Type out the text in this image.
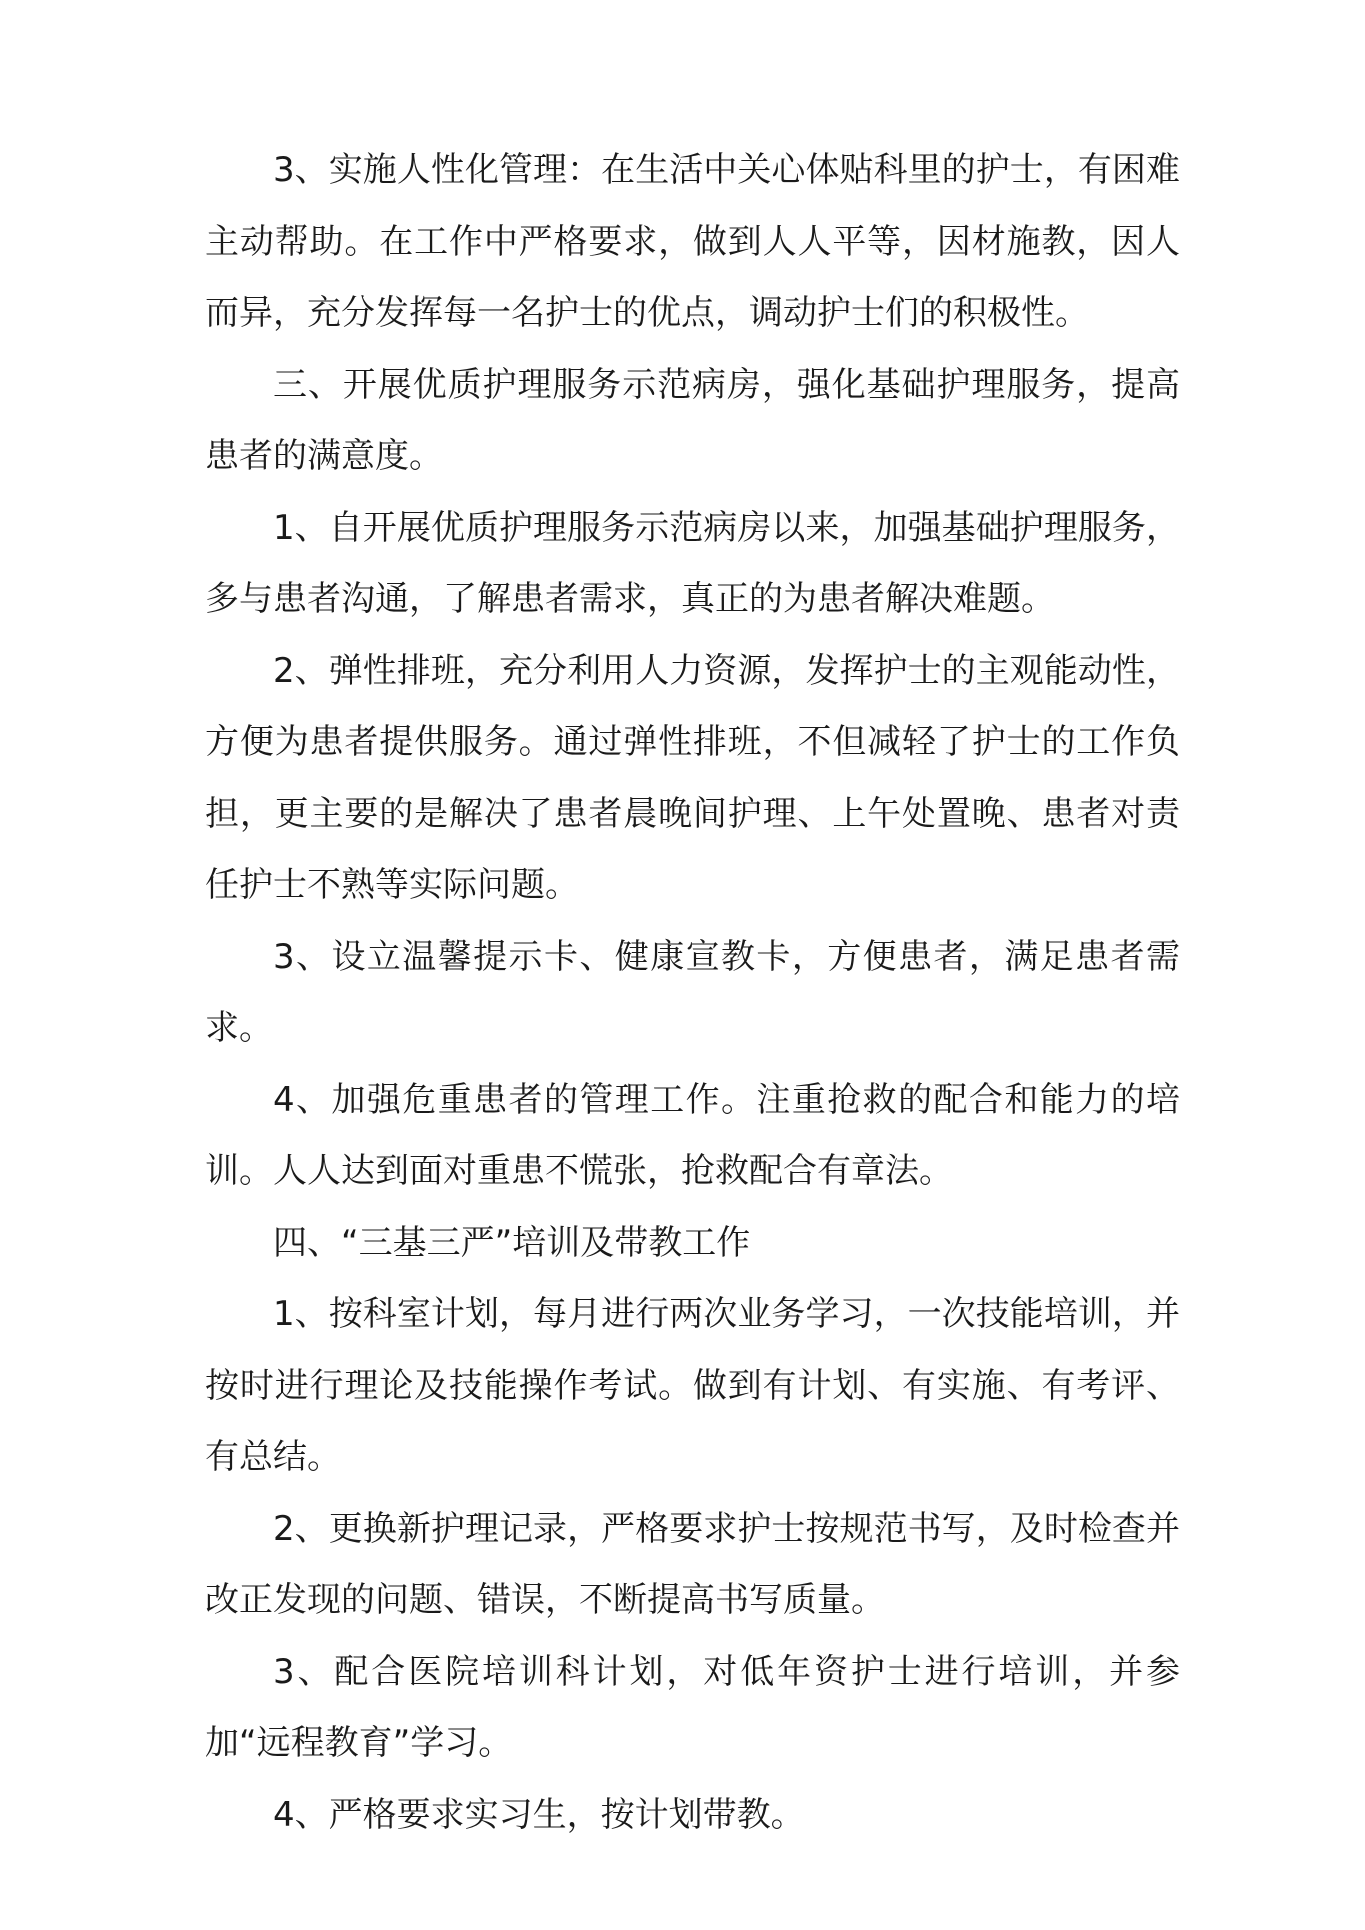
3、实施人性化管理：在生活中关心体贴科里的护士，有困难主动帮助。在工作中严格要求，做到人人平等，因材施教，因人而异，充分发挥每一名护士的优点，调动护士们的积极性。

三、开展优质护理服务示范病房，强化基础护理服务，提高患者的满意度。

1、自开展优质护理服务示范病房以来，加强基础护理服务，多与患者沟通，了解患者需求，真正的为患者解决难题。

2、弹性排班，充分利用人力资源，发挥护士的主观能动性，方便为患者提供服务。通过弹性排班，不但减轻了护士的工作负担，更主要的是解决了患者晨晚间护理、上午处置晚、患者对责任护士不熟等实际问题。

3、设立温馨提示卡、健康宣教卡，方便患者，满足患者需求。

4、加强危重患者的管理工作。注重抢救的配合和能力的培训。人人达到面对重患不慌张，抢救配合有章法。

四、“三基三严”培训及带教工作

1、按科室计划，每月进行两次业务学习，一次技能培训，并按时进行理论及技能操作考试。做到有计划、有实施、有考评、有总结。

2、更换新护理记录，严格要求护士按规范书写，及时检查并改正发现的问题、错误，不断提高书写质量。

3、配合医院培训科计划，对低年资护士进行培训，并参加“远程教育”学习。

4、严格要求实习生，按计划带教。
